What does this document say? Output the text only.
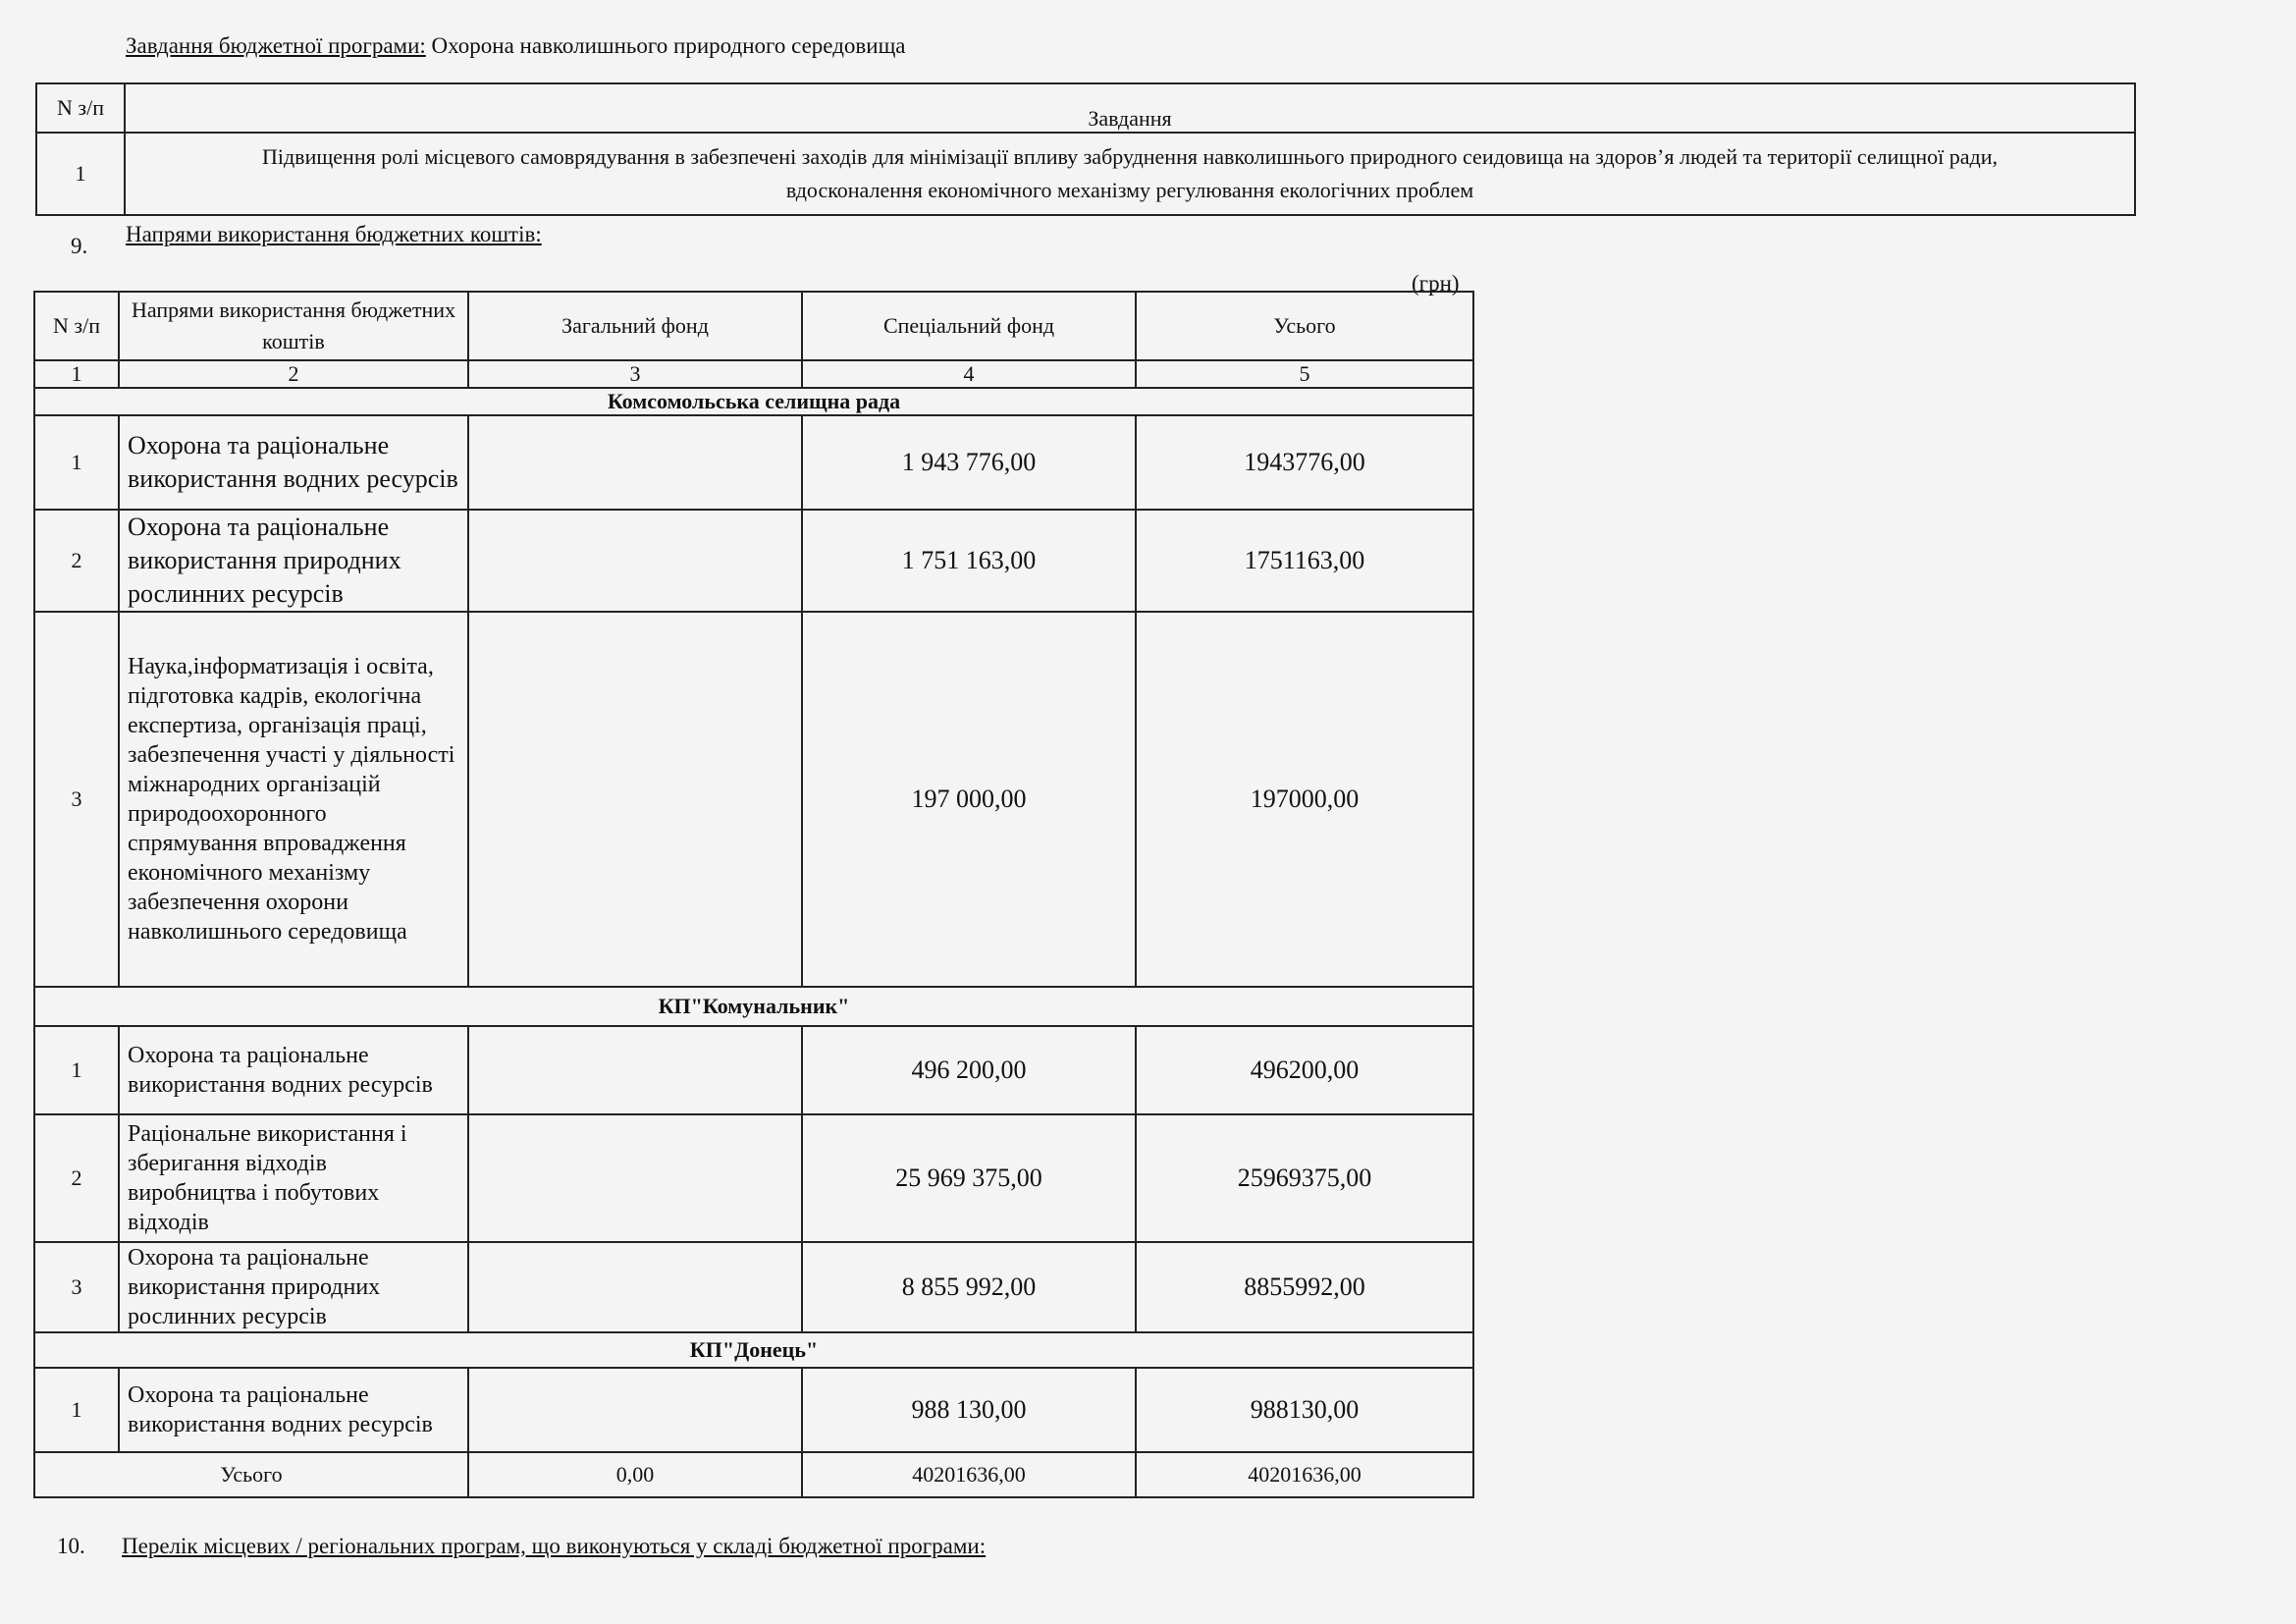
Завдання бюджетної програми: Охорона навколишнього природного середовища
N з/п	Завдання
1	Підвищення ролі місцевого самоврядування в забезпечені заходів для мінімізації впливу забруднення навколишнього природного сеидовища на здоров’я людей та території селищної ради,
вдосконалення економічного механізму регулювання екологічних проблем
9. Напрями використання бюджетних коштів:
(грн)
N з/п	Напрями використання бюджетних коштів	Загальний фонд	Спеціальний фонд	Усього
1	2	3	4	5
Комсомольська селищна рада				
1	Охорона та раціональне використання водних ресурсів		1 943 776,00	1943776,00
2	Охорона та раціональне використання природних рослинних ресурсів		1 751 163,00	1751163,00
3	Наука,інформатизація і освіта, підготовка кадрів, екологічна експертиза, організація праці, забезпечення участі у діяльності міжнародних організацій природоохоронного спрямування впровадження економічного механізму забезпечення охорони навколишнього середовища		197 000,00	197000,00
КП"Комунальник"				
1	Охорона та раціональне використання водних ресурсів		496 200,00	496200,00
2	Раціональне використання і зберигання відходів виробництва і побутових відходів		25 969 375,00	25969375,00
3	Охорона та раціональне використання природних рослинних ресурсів		8 855 992,00	8855992,00
КП"Донець"				
1	Охорона та раціональне використання водних ресурсів		988 130,00	988130,00
Усього		0,00	40201636,00	40201636,00
10. Перелік місцевих / регіональних програм, що виконуються у складі бюджетної програми:
